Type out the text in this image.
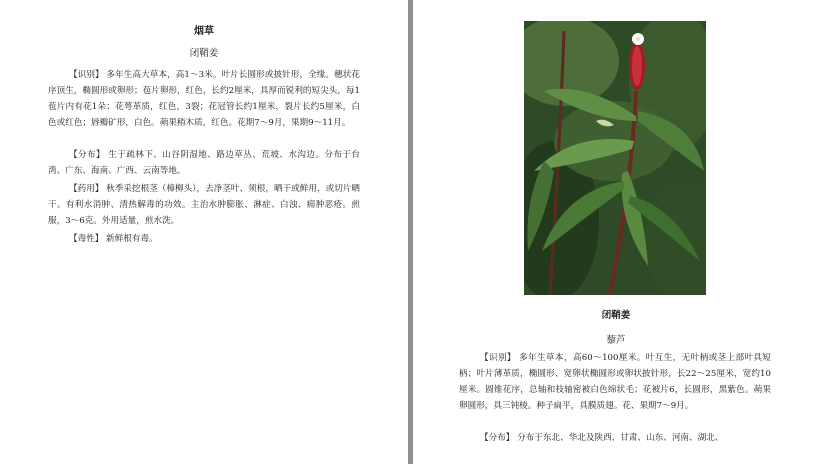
烟草
闭鞘姜

【识别】 多年生高大草本，高1～3米。叶片长圆形或披针形，全缘。穗状花序顶生，椭圆形或卵形；苞片卵形，红色，长约2厘米，具厚而锐利的短尖头，每1苞片内有花1朵；花萼革质，红色，3裂；花冠管长约1厘米，裂片长约5厘米，白色或红色；唇瓣矿形，白色。蒴果稍木质，红色。花期7～9月，果期9～11月。

【分布】 生于疏林下、山谷阴湿地、路边草丛、荒坡、水沟边。分布于台湾、广东、海南、广西、云南等地。

【药用】 秋季采挖根茎（樟柳头），去净茎叶、须根，晒干或鲜用，或切片晒干。有利水消肿、清热解毒的功效。主治水肿膨胀、淋症、白浊、痈肿恶疮。煎服，3～6克。外用适量，煎水洗。

【毒性】 新鲜根有毒。

闭鞘姜
藜芦

【识别】 多年生草本，高60～100厘米。叶互生，无叶柄或茎上部叶具短柄；叶片薄革质，椭圆形、宽卵状椭圆形或卵状披针形，长22～25厘米，宽约10厘米。圆锥花序，总轴和枝轴密被白色绵状毛；花被片6，长圆形，黑紫色。蒴果卵圆形，具三钝棱。种子扁平，具膜质翅。花、果期7～9月。

【分布】 分布于东北、华北及陕西、甘肃、山东、河南、湖北、
